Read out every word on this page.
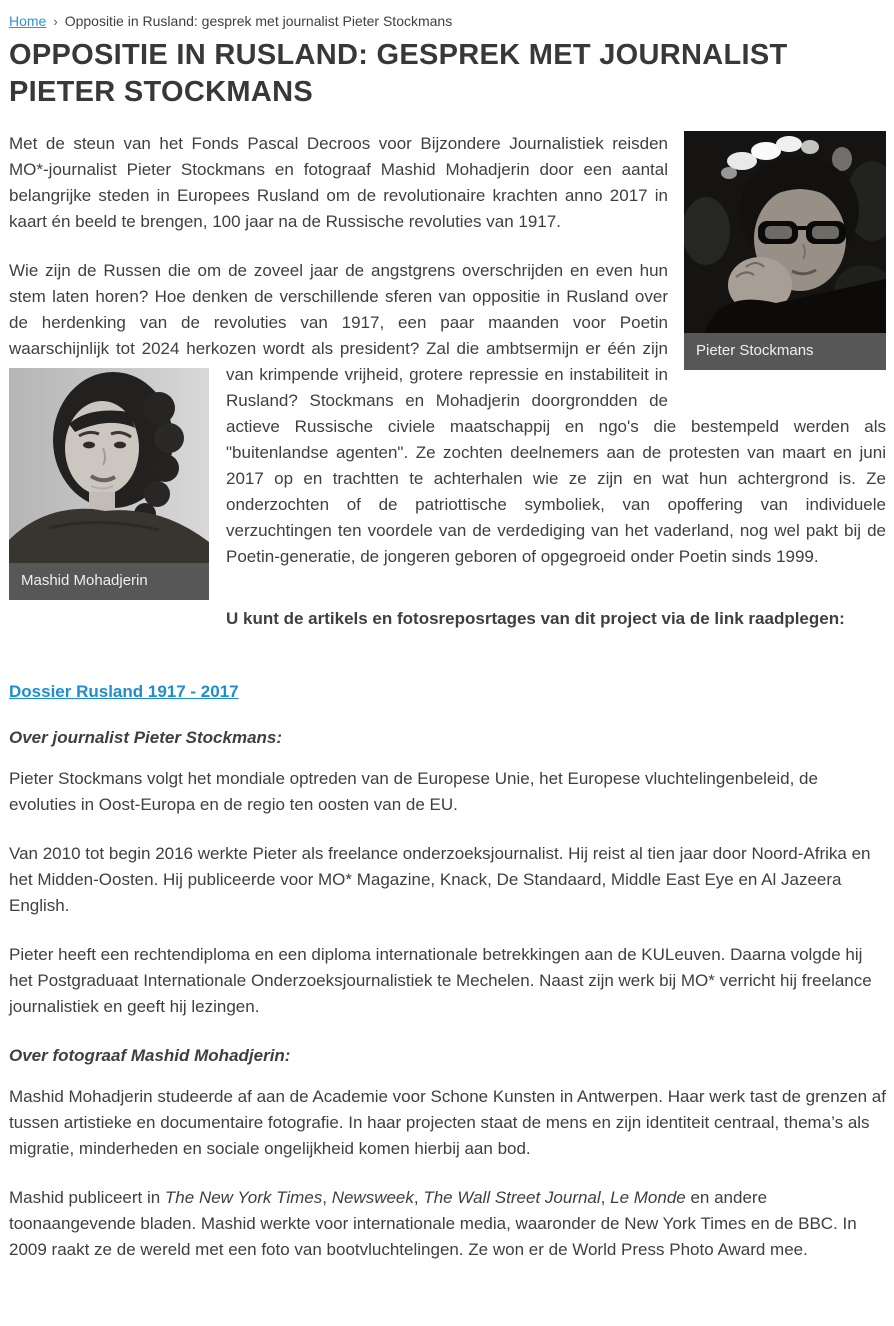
Home › Oppositie in Rusland: gesprek met journalist Pieter Stockmans
OPPOSITIE IN RUSLAND: GESPREK MET JOURNALIST PIETER STOCKMANS

Pieter Stockmans
Met de steun van het Fonds Pascal Decroos voor Bijzondere Journalistiek reisden MO*-journalist Pieter Stockmans en fotograaf Mashid Mohadjerin door een aantal belangrijke steden in Europees Rusland om de revolutionaire krachten anno 2017 in kaart én beeld te brengen, 100 jaar na de Russische revoluties van 1917.

Wie zijn de Russen die om de zoveel jaar de angstgrens overschrijden en even hun stem laten horen? Hoe denken de verschillende sferen van oppositie in Rusland over de herdenking van de revoluties van 1917, een paar maanden voor Poetin waarschijnlijk tot 2024 herkozen wordt als president? Zal die ambtsermijn er één zijn van krimpende vrijheid, grotere repressie
Mashid Mohadjerin
en instabiliteit in Rusland? Stockmans en Mohadjerin doorgrondden de actieve Russische civiele maatschappij en ngo's die bestempeld werden als "buitenlandse agenten". Ze zochten deelnemers aan de protesten van maart en juni 2017 op en trachtten te achterhalen wie ze zijn en wat hun achtergrond is. Ze onderzochten of de patriottische symboliek, van opoffering van individuele verzuchtingen ten voordele van de verdediging van het vaderland, nog wel pakt bij de Poetin-generatie, de jongeren geboren of opgegroeid onder Poetin sinds 1999.

U kunt de artikels en fotosreposrtages van dit project via de link raadplegen:

Dossier Rusland 1917 - 2017

Over journalist Pieter Stockmans:

Pieter Stockmans volgt het mondiale optreden van de Europese Unie, het Europese vluchtelingenbeleid, de evoluties in Oost-Europa en de regio ten oosten van de EU.

Van 2010 tot begin 2016 werkte Pieter als freelance onderzoeksjournalist. Hij reist al tien jaar door Noord-Afrika en het Midden-Oosten. Hij publiceerde voor MO* Magazine, Knack, De Standaard, Middle East Eye en Al Jazeera English.

Pieter heeft een rechtendiploma en een diploma internationale betrekkingen aan de KULeuven. Daarna volgde hij het Postgraduaat Internationale Onderzoeksjournalistiek te Mechelen. Naast zijn werk bij MO* verricht hij freelance journalistiek en geeft hij lezingen.

Over fotograaf Mashid Mohadjerin:

Mashid Mohadjerin studeerde af aan de Academie voor Schone Kunsten in Antwerpen. Haar werk tast de grenzen af tussen artistieke en documentaire fotografie. In haar projecten staat de mens en zijn identiteit centraal, thema’s als migratie, minderheden en sociale ongelijkheid komen hierbij aan bod.

Mashid publiceert in The New York Times, Newsweek, The Wall Street Journal, Le Monde en andere toonaangevende bladen. Mashid werkte voor internationale media, waaronder de New York Times en de BBC. In 2009 raakt ze de wereld met een foto van bootvluchtelingen. Ze won er de World Press Photo Award mee.
